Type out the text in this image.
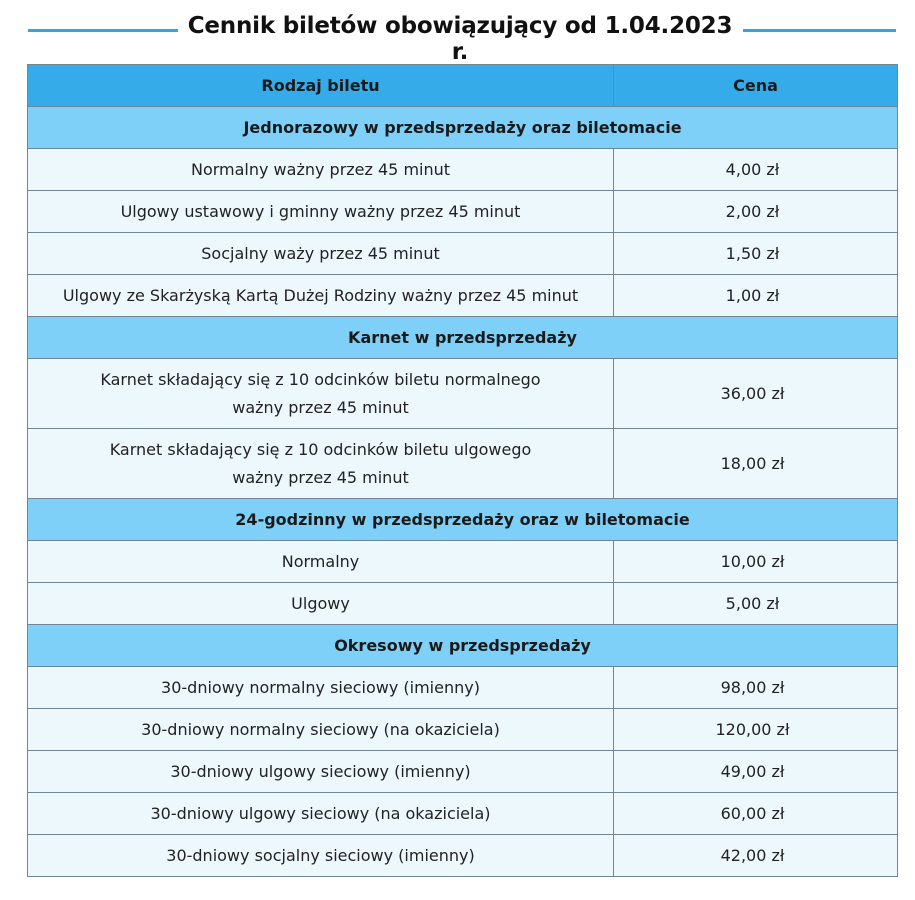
Cennik biletów obowiązujący od 1.04.2023 r.
Rodzaj biletu	Cena
Jednorazowy w przedsprzedaży oraz biletomacie	
Normalny ważny przez 45 minut	4,00 zł
Ulgowy ustawowy i gminny ważny przez 45 minut	2,00 zł
Socjalny waży przez 45 minut	1,50 zł
Ulgowy ze Skarżyską Kartą Dużej Rodziny ważny przez 45 minut	1,00 zł
Karnet w przedsprzedaży	

Karnet składający się z 10 odcinków biletu normalnego
ważny przez 45 minut	36,00 zł

Karnet składający się z 10 odcinków biletu ulgowego
ważny przez 45 minut	18,00 zł
24-godzinny w przedsprzedaży oraz w biletomacie	
Normalny	10,00 zł
Ulgowy	5,00 zł
Okresowy w przedsprzedaży	
30-dniowy normalny sieciowy (imienny)	98,00 zł
30-dniowy normalny sieciowy (na okaziciela)	120,00 zł
30-dniowy ulgowy sieciowy (imienny)	49,00 zł
30-dniowy ulgowy sieciowy (na okaziciela)	60,00 zł
30-dniowy socjalny sieciowy (imienny)	42,00 zł
